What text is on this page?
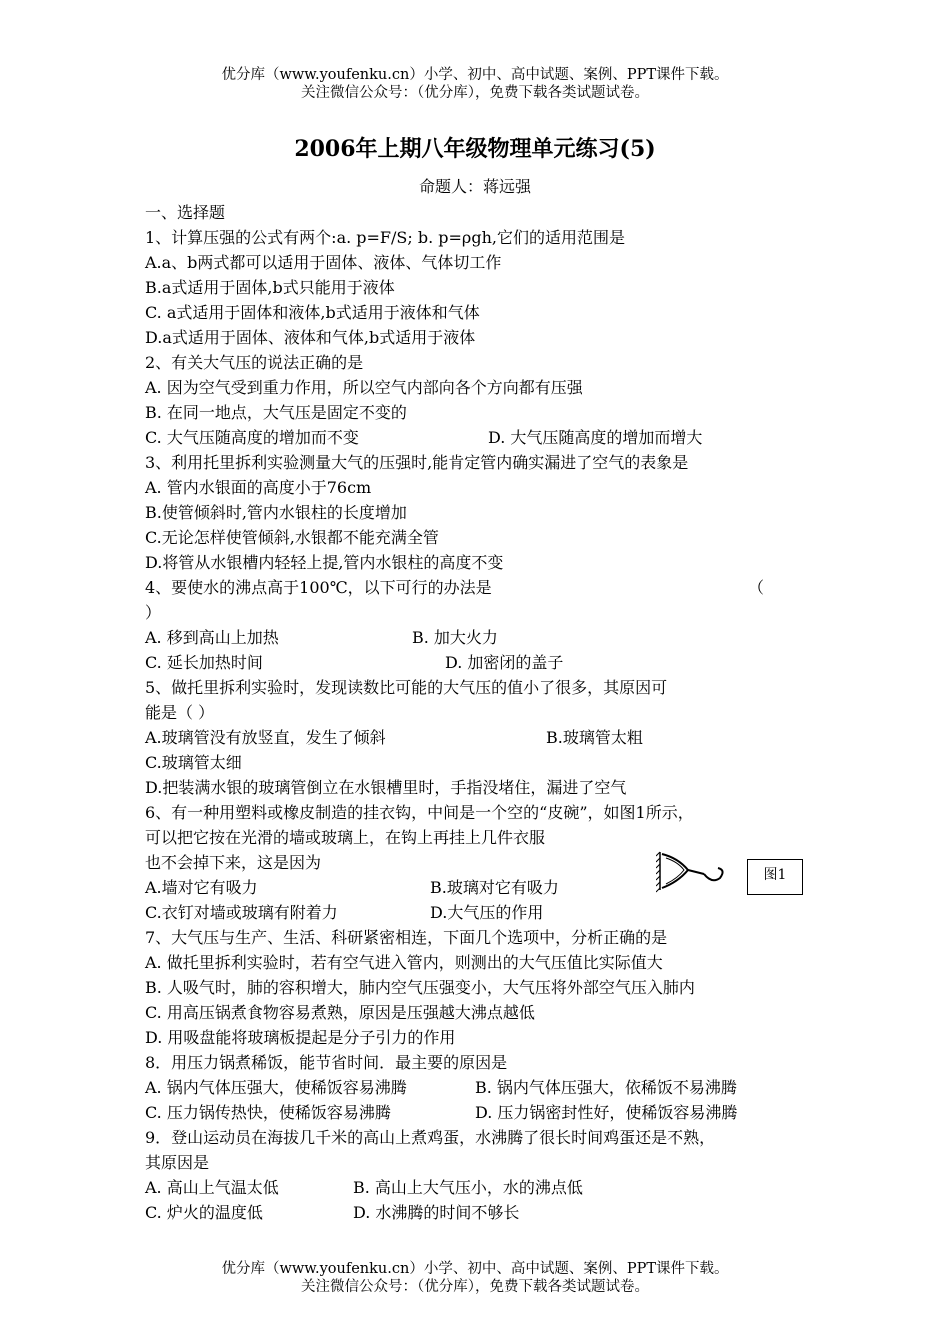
优分库（www.youfenku.cn）小学、初中、高中试题、案例、PPT课件下载。
关注微信公众号：（优分库），免费下载各类试题试卷。
2006年上期八年级物理单元练习(5)
命题人：蒋远强
一、选择题
1、计算压强的公式有两个:a. p=F/S; b. p=ρgh,它们的适用范围是
A.a、b两式都可以适用于固体、液体、气体切工作
B.a式适用于固体,b式只能用于液体
C. a式适用于固体和液体,b式适用于液体和气体
D.a式适用于固体、液体和气体,b式适用于液体
2、有关大气压的说法正确的是
A. 因为空气受到重力作用，所以空气内部向各个方向都有压强
B. 在同一地点，大气压是固定不变的
C. 大气压随高度的增加而不变	D. 大气压随高度的增加而增大
3、利用托里拆利实验测量大气的压强时,能肯定管内确实漏进了空气的表象是
A. 管内水银面的高度小于76cm
B.使管倾斜时,管内水银柱的长度增加
C.无论怎样使管倾斜,水银都不能充满全管
D.将管从水银槽内轻轻上提,管内水银柱的高度不变
4、要使水的沸点高于100℃，以下可行的办法是	（
）
A. 移到高山上加热	B. 加大火力
C. 延长加热时间	D. 加密闭的盖子
5、做托里拆利实验时，发现读数比可能的大气压的值小了很多，其原因可
能是（ ）
A.玻璃管没有放竖直，发生了倾斜	B.玻璃管太粗
C.玻璃管太细
D.把装满水银的玻璃管倒立在水银槽里时，手指没堵住，漏进了空气
6、有一种用塑料或橡皮制造的挂衣钩，中间是一个空的“皮碗”，如图1所示，
可以把它按在光滑的墙或玻璃上，在钩上再挂上几件衣服
也不会掉下来，这是因为
A.墙对它有吸力	B.玻璃对它有吸力
C.衣钉对墙或玻璃有附着力	D.大气压的作用
7、大气压与生产、生活、科研紧密相连，下面几个选项中，分析正确的是
A. 做托里拆利实验时，若有空气进入管内，则测出的大气压值比实际值大
B. 人吸气时，肺的容积增大，肺内空气压强变小，大气压将外部空气压入肺内
C. 用高压锅煮食物容易煮熟，原因是压强越大沸点越低
D. 用吸盘能将玻璃板提起是分子引力的作用
8．用压力锅煮稀饭，能节省时间．最主要的原因是
A. 锅内气体压强大，使稀饭容易沸腾	B. 锅内气体压强大，依稀饭不易沸腾
C. 压力锅传热快，使稀饭容易沸腾	D. 压力锅密封性好，使稀饭容易沸腾
9．登山运动员在海拔几千米的高山上煮鸡蛋，水沸腾了很长时间鸡蛋还是不熟，
其原因是
A. 高山上气温太低	B. 高山上大气压小，水的沸点低
C. 炉火的温度低	D. 水沸腾的时间不够长
图1
优分库（www.youfenku.cn）小学、初中、高中试题、案例、PPT课件下载。
关注微信公众号：（优分库），免费下载各类试题试卷。
